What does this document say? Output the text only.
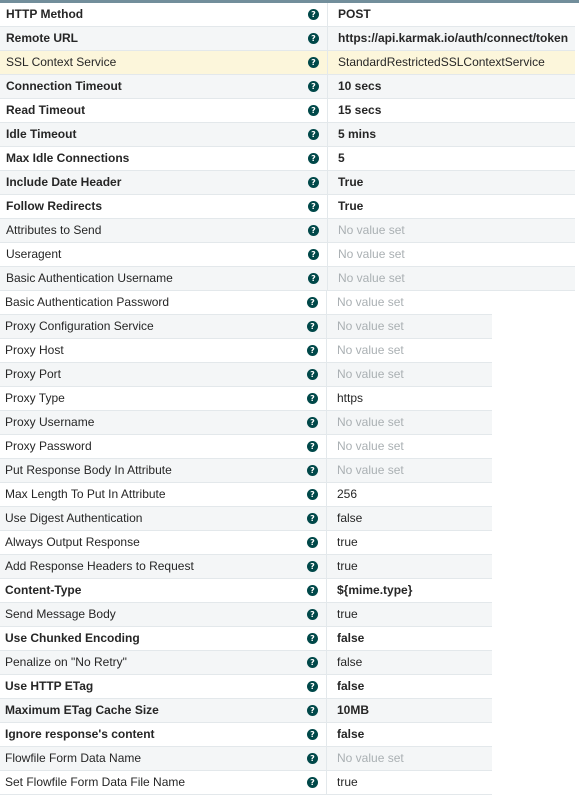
HTTP Method	?	POST
Remote URL	?	https://api.karmak.io/auth/connect/token
SSL Context Service	?	StandardRestrictedSSLContextService
Connection Timeout	?	10 secs
Read Timeout	?	15 secs
Idle Timeout	?	5 mins
Max Idle Connections	?	5
Include Date Header	?	True
Follow Redirects	?	True
Attributes to Send	?	No value set
Useragent	?	No value set
Basic Authentication Username	?	No value set
Basic Authentication Password	?	No value set
Proxy Configuration Service	?	No value set
Proxy Host	?	No value set
Proxy Port	?	No value set
Proxy Type	?	https
Proxy Username	?	No value set
Proxy Password	?	No value set
Put Response Body In Attribute	?	No value set
Max Length To Put In Attribute	?	256
Use Digest Authentication	?	false
Always Output Response	?	true
Add Response Headers to Request	?	true
Content-Type	?	${mime.type}
Send Message Body	?	true
Use Chunked Encoding	?	false
Penalize on "No Retry"	?	false
Use HTTP ETag	?	false
Maximum ETag Cache Size	?	10MB
Ignore response's content	?	false
Flowfile Form Data Name	?	No value set
Set Flowfile Form Data File Name	?	true
